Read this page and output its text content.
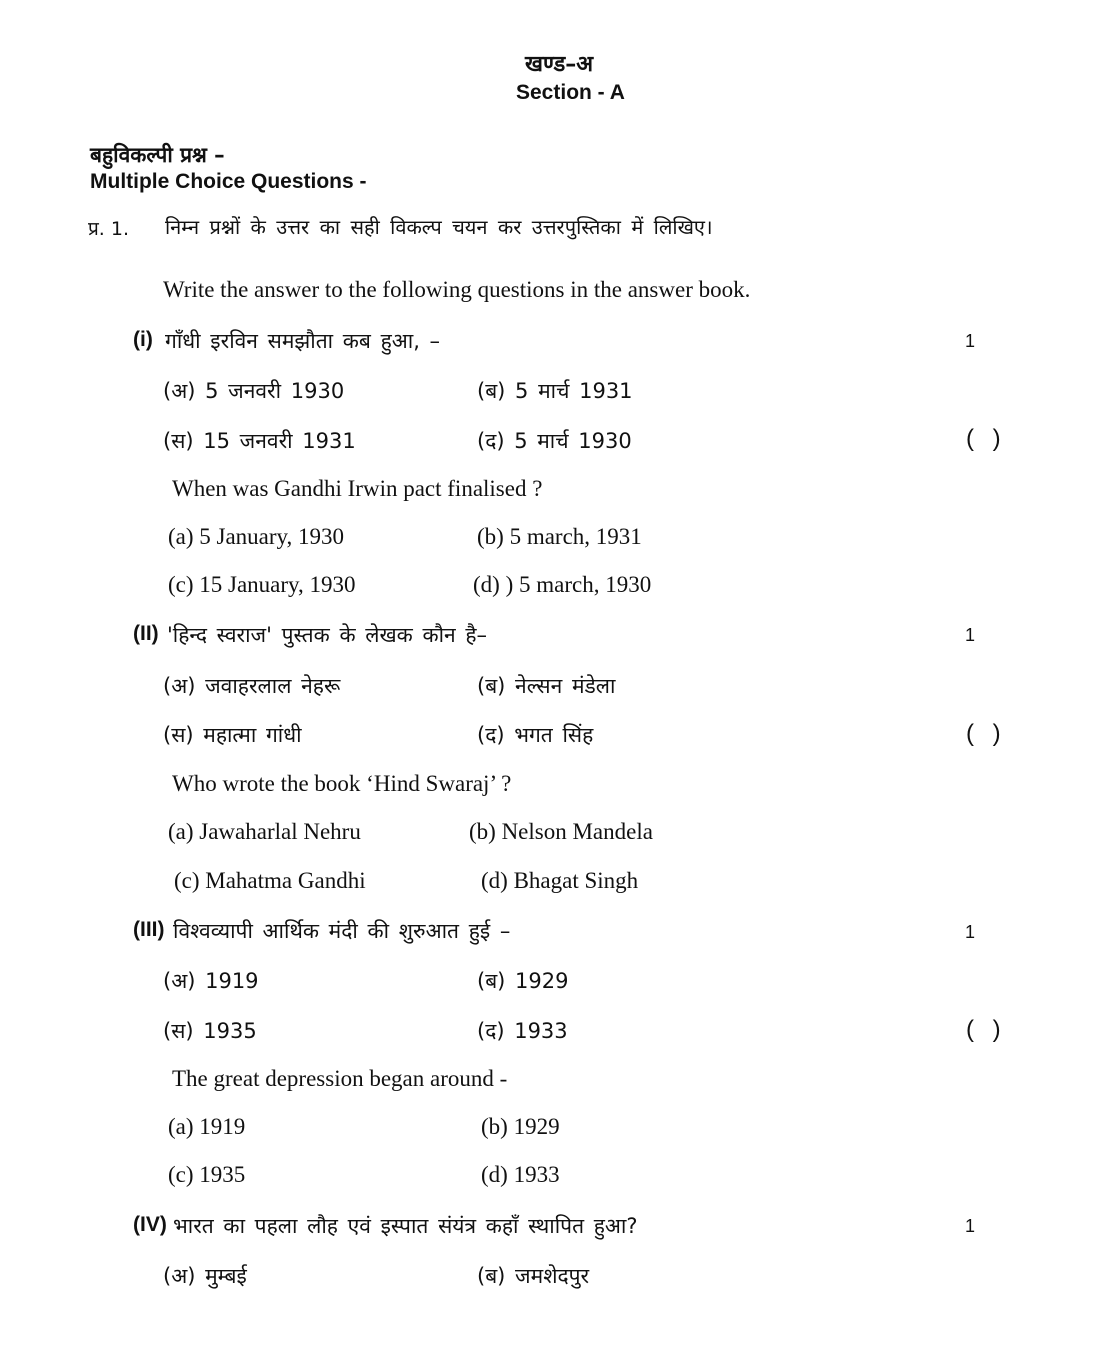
खण्ड–अ
Section - A
बहुविकल्पी प्रश्न –
Multiple Choice Questions -
प्र. 1. निम्न प्रश्नों के उत्तर का सही विकल्प चयन कर उत्तरपुस्तिका में लिखिए।
Write the answer to the following questions in the answer book.
(i) गाँधी इरविन समझौता कब हुआ, –	1
(अ) 5 जनवरी 1930	(ब) 5 मार्च 1931
(स) 15 जनवरी 1931	(द) 5 मार्च 1930	( )
When was Gandhi Irwin pact finalised ?
(a) 5 January, 1930	(b) 5 march, 1931
(c) 15 January, 1930	(d) ) 5 march, 1930
(II) 'हिन्द स्वराज' पुस्तक के लेखक कौन है–	1
(अ) जवाहरलाल नेहरू	(ब) नेल्सन मंडेला
(स) महात्मा गांधी	(द) भगत सिंह	( )
Who wrote the book ‘Hind Swaraj’ ?
(a) Jawaharlal Nehru	(b) Nelson Mandela
(c) Mahatma Gandhi	(d) Bhagat Singh
(III) विश्वव्यापी आर्थिक मंदी की शुरुआत हुई –	1
(अ) 1919	(ब) 1929
(स) 1935	(द) 1933	( )
The great depression began around -
(a) 1919	(b) 1929
(c) 1935	(d) 1933
(IV) भारत का पहला लौह एवं इस्पात संयंत्र कहाँ स्थापित हुआ?	1
(अ) मुम्बई	(ब) जमशेदपुर
